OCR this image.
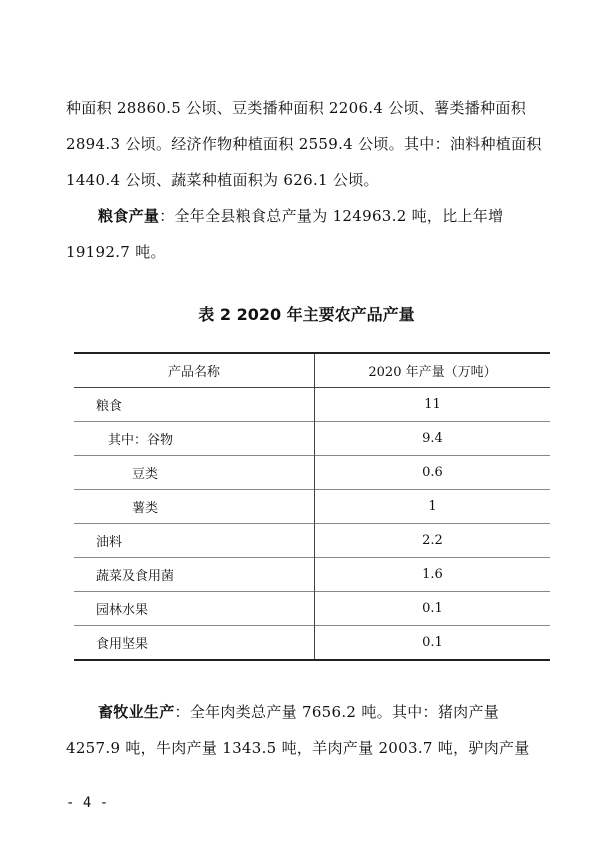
种面积 28860.5 公顷、豆类播种面积 2206.4 公顷、薯类播种面积 2894.3 公顷。经济作物种植面积 2559.4 公顷。其中：油料种植面积 1440.4 公顷、蔬菜种植面积为 626.1 公顷。

粮食产量：全年全县粮食总产量为 124963.2 吨，比上年增 19192.7 吨。

表 2 2020 年主要农产品产量

产品名称	2020 年产量（万吨）
粮食	11
其中：谷物	9.4
豆类	0.6
薯类	1
油料	2.2
蔬菜及食用菌	1.6
园林水果	0.1
食用坚果	0.1

畜牧业生产：全年肉类总产量 7656.2 吨。其中：猪肉产量 4257.9 吨，牛肉产量 1343.5 吨，羊肉产量 2003.7 吨，驴肉产量

- 4 -
